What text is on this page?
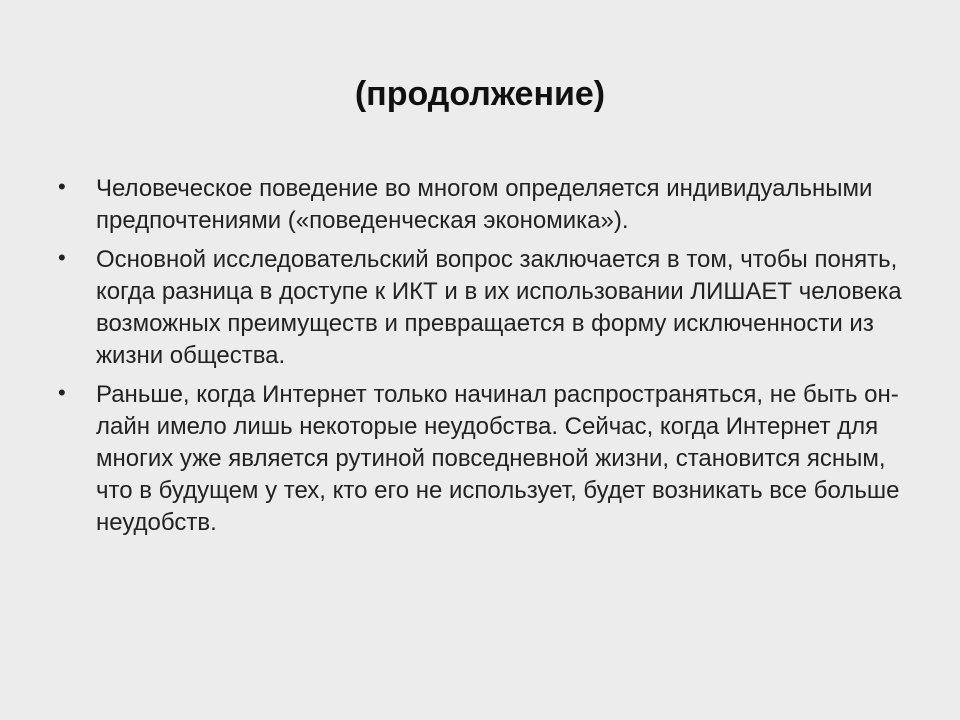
(продолжение)
• Человеческое поведение во многом определяется индивидуальными предпочтениями («поведенческая экономика»).
• Основной исследовательский вопрос заключается в том, чтобы понять, когда разница в доступе к ИКТ и в их использовании ЛИШАЕТ человека возможных преимуществ и превращается в форму исключенности из жизни общества.
• Раньше, когда Интернет только начинал распространяться, не быть он-лайн имело лишь некоторые неудобства. Сейчас, когда Интернет для многих уже является рутиной повседневной жизни, становится ясным, что в будущем у тех, кто его не использует, будет возникать все больше неудобств.
